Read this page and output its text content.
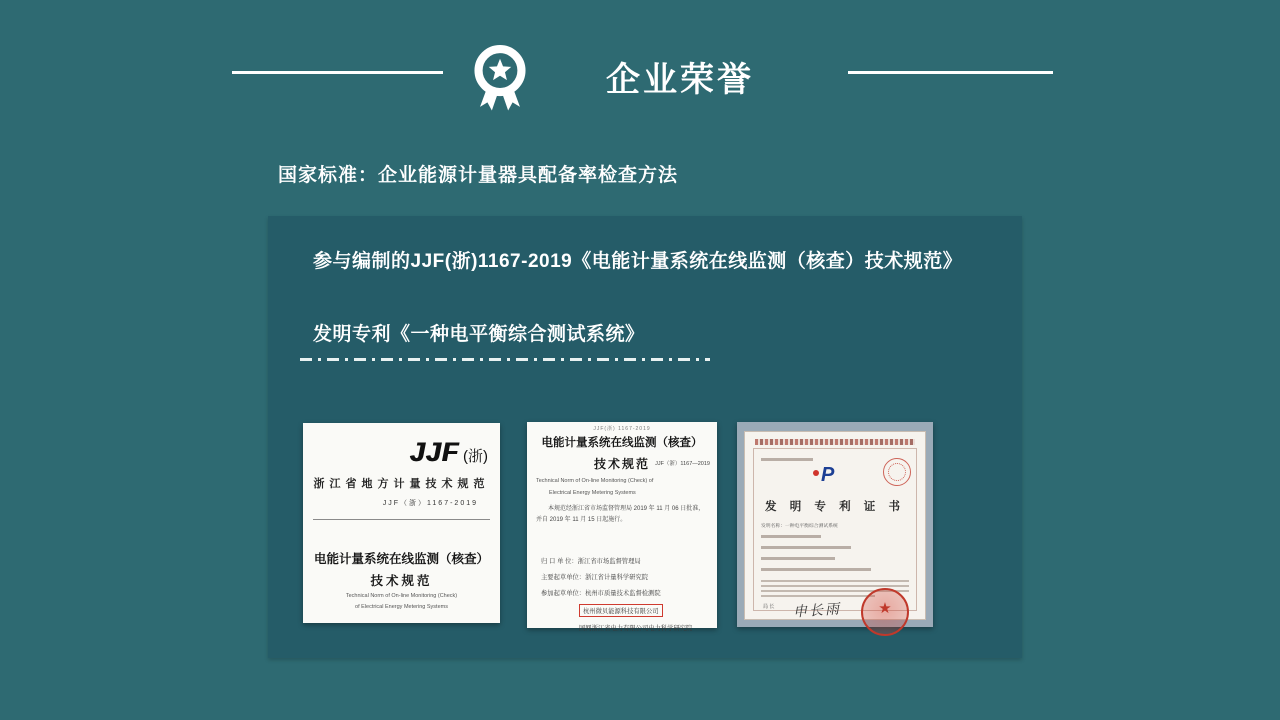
企业荣誉
国家标准：企业能源计量器具配备率检查方法
参与编制的JJF(浙)1167-2019《电能计量系统在线监测（核查）技术规范》
发明专利《一种电平衡综合测试系统》
JJF (浙)
浙江省地方计量技术规范
JJF（浙）1167-2019
电能计量系统在线监测（核查）
技术规范
Technical Norm of On-line Monitoring (Check)
of Electrical Energy Metering Systems
JJF(浙) 1167-2019
电能计量系统在线监测（核查）
技术规范 JJF（浙）1167—2019
Technical Norm of On-line Monitoring (Check) of
Electrical Energy Metering Systems
本规范经浙江省市场监督管理局 2019 年 11 月 06 日批准，并自 2019 年 11 月 15 日起施行。
归 口 单 位：浙江省市场监督管理局
主要起草单位：浙江省计量科学研究院
参加起草单位：杭州市质量技术监督检测院
杭州微贝能源科技有限公司
国网浙江省电力有限公司电力科学研究院
P
发 明 专 利 证 书
发明名称：一种电平衡综合测试系统
局 长 申长雨
★
